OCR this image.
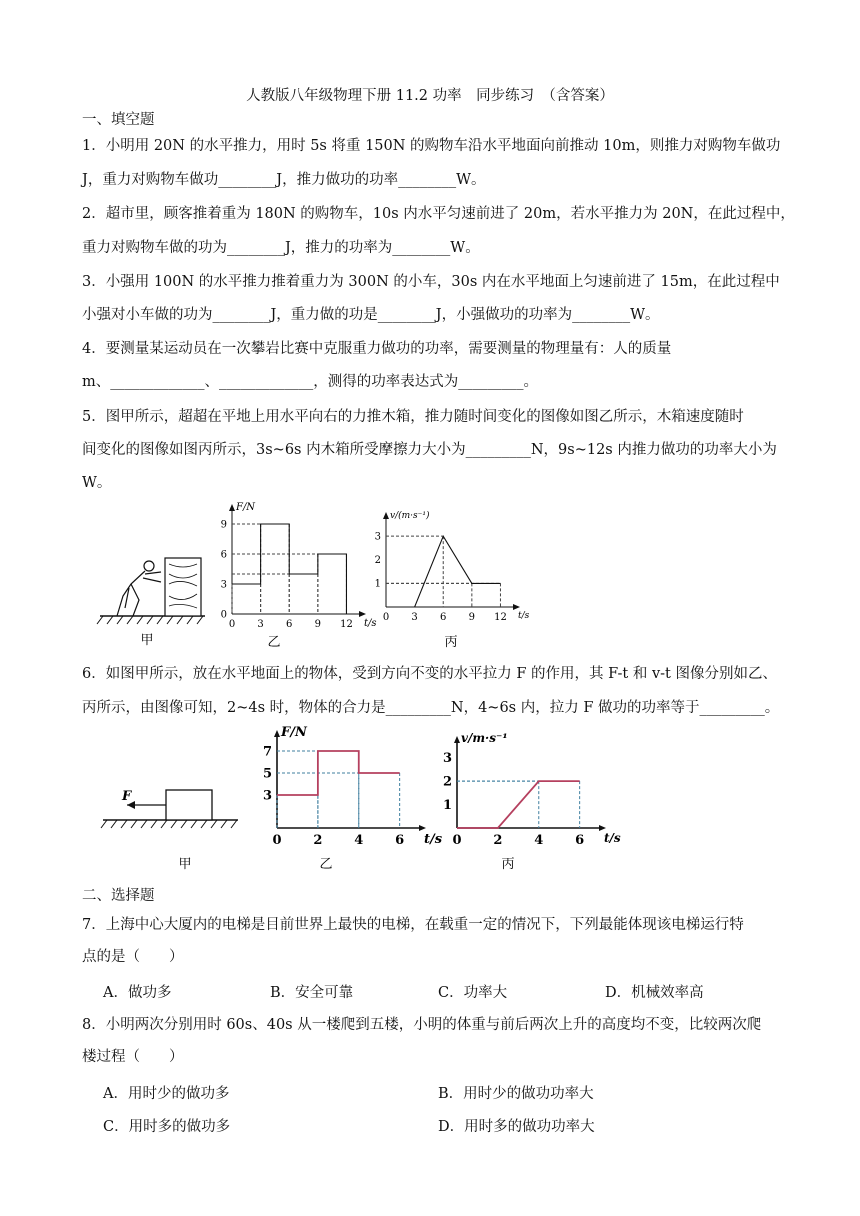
人教版八年级物理下册 11.2 功率　同步练习　（含答案）
一、填空题
1．小明用 20N 的水平推力，用时 5s 将重 150N 的购物车沿水平地面向前推动 10m，则推力对购物车做功
J，重力对购物车做功________J，推力做功的功率________W。
2．超市里，顾客推着重为 180N 的购物车，10s 内水平匀速前进了 20m，若水平推力为 20N，在此过程中，
重力对购物车做的功为________J，推力的功率为________W。
3．小强用 100N 的水平推力推着重力为 300N 的小车，30s 内在水平地面上匀速前进了 15m，在此过程中
小强对小车做的功为________J，重力做的功是________J，小强做功的功率为________W。
4．要测量某运动员在一次攀岩比赛中克服重力做功的功率，需要测量的物理量有：人的质量
m、_____________、_____________，测得的功率表达式为_________。
5．图甲所示，超超在平地上用水平向右的力推木箱，推力随时间变化的图像如图乙所示，木箱速度随时
间变化的图像如图丙所示，3s~6s 内木箱所受摩擦力大小为_________N，9s~12s 内推力做功的功率大小为
W。
甲
0 3 6 9 12
0
3
6
9
F/N
t/s
乙
0 3 6 9 12
1
2
3
v/(m·s⁻¹)
t/s
丙
6．如图甲所示，放在水平地面上的物体，受到方向不变的水平拉力 F 的作用，其 F-t 和 v-t 图像分别如乙、
丙所示，由图像可知，2~4s 时，物体的合力是_________N，4~6s 内，拉力 F 做功的功率等于_________。
F
甲
0 2 4 6
3
5
7
F/N
t/s
乙
0 2 4 6
1
2
3
v/m·s⁻¹
t/s
丙
二、选择题
7．上海中心大厦内的电梯是目前世界上最快的电梯，在载重一定的情况下，下列最能体现该电梯运行特
点的是（　　）
A．做功多	B．安全可靠	C．功率大	D．机械效率高
8．小明两次分别用时 60s、40s 从一楼爬到五楼，小明的体重与前后两次上升的高度均不变，比较两次爬
楼过程（　　）
A．用时少的做功多	B．用时少的做功功率大
C．用时多的做功多	D．用时多的做功功率大
